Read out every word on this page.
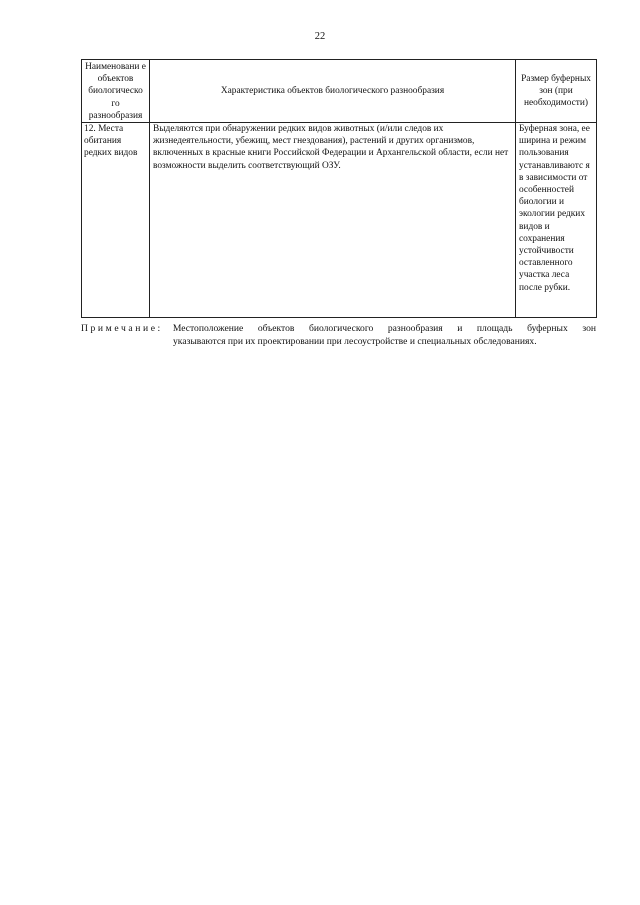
22
Наименовани е объектов биологическо го разнообразия	Характеристика объектов биологического разнообразия	Размер буферных зон (при необходимости)
12. Места обитания редких видов	Выделяются при обнаружении редких видов животных (и/или следов их жизнедеятельности, убежищ, мест гнездования), растений и других организмов, включенных в красные книги Российской Федерации и Архангельской области, если нет возможности выделить соответствующий ОЗУ.	Буферная зона, ее ширина и режим пользования устанавливаютс я в зависимости от особенностей биологии и экологии редких видов и сохранения устойчивости оставленного участка леса после рубки.
Примечание: Местоположение объектов биологического разнообразия и площадь буферных зон
указываются при их проектировании при лесоустройстве и специальных обследованиях.
